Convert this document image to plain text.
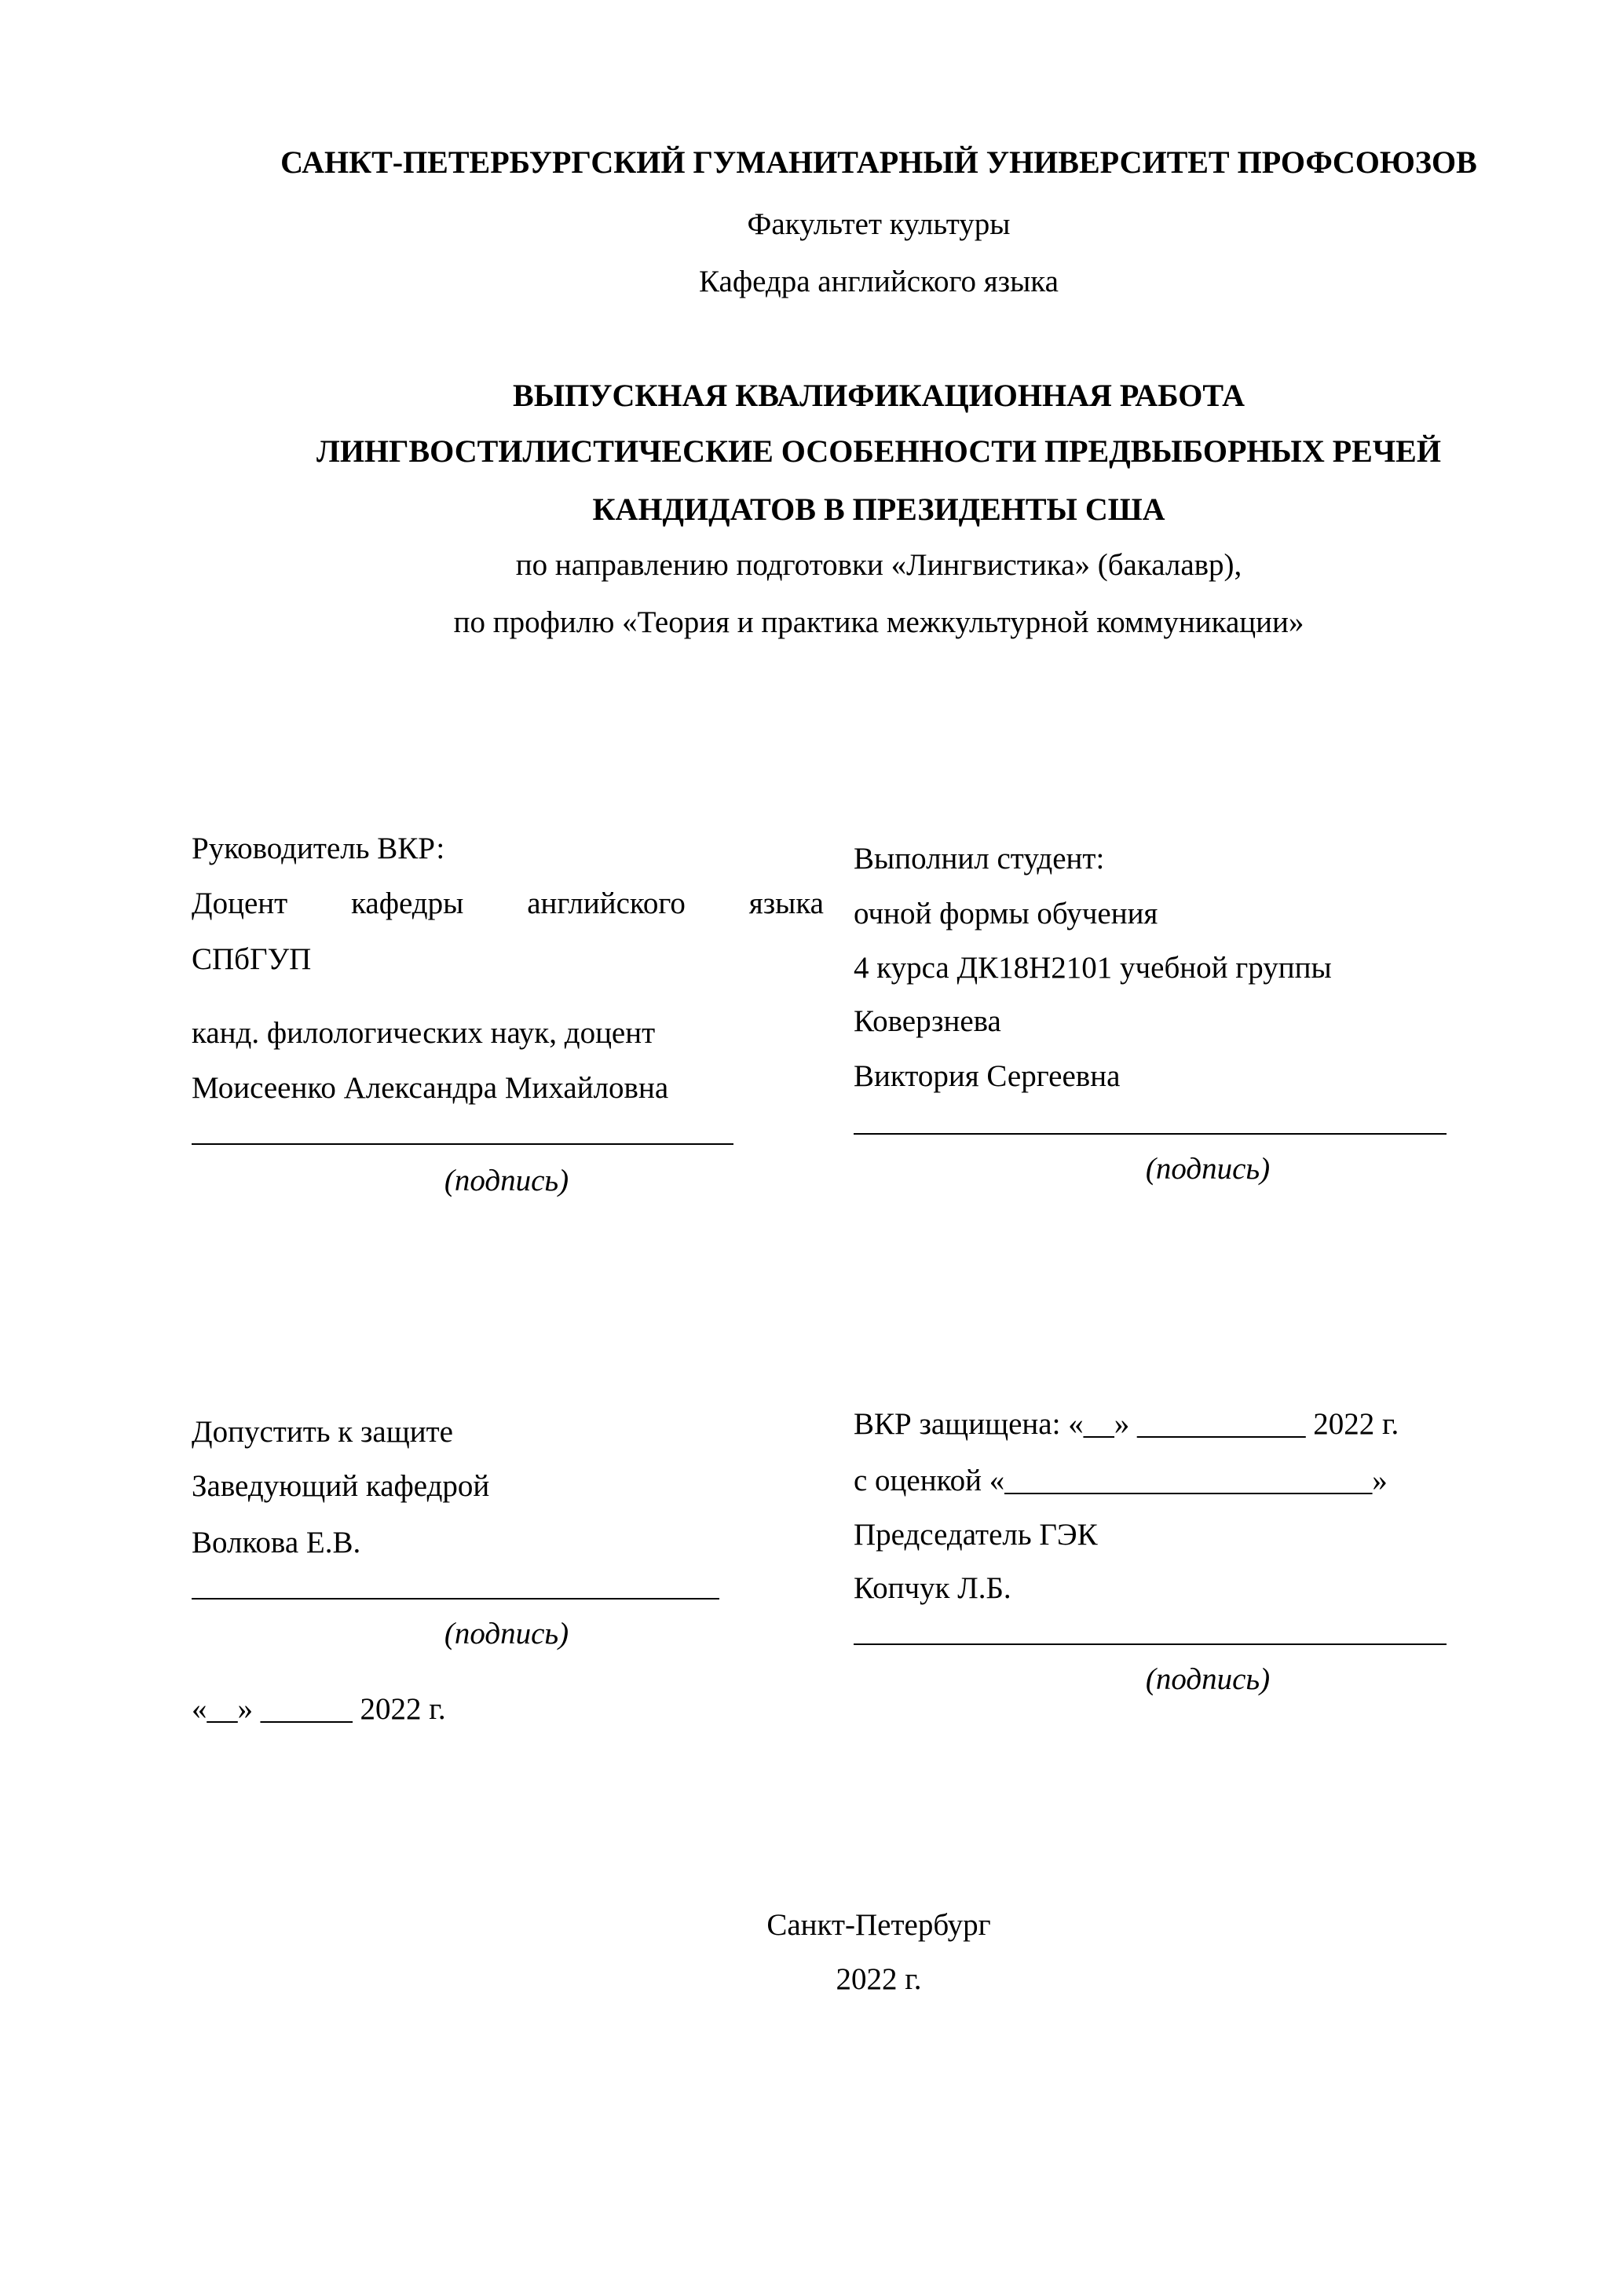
САНКТ-ПЕТЕРБУРГСКИЙ ГУМАНИТАРНЫЙ УНИВЕРСИТЕТ ПРОФСОЮЗОВ
Факультет культуры
Кафедра английского языка
ВЫПУСКНАЯ КВАЛИФИКАЦИОННАЯ РАБОТА
ЛИНГВОСТИЛИСТИЧЕСКИЕ ОСОБЕННОСТИ ПРЕДВЫБОРНЫХ РЕЧЕЙ
КАНДИДАТОВ В ПРЕЗИДЕНТЫ США
по направлению подготовки «Лингвистика» (бакалавр),
по профилю «Теория и практика межкультурной коммуникации»
Руководитель ВКР:
Доцент кафедры английского языка
СПбГУП
канд. филологических наук, доцент
Моисеенко Александра Михайловна
(подпись)
Выполнил студент:
очной формы обучения
4 курса ДК18Н2101 учебной группы
Коверзнева
Виктория Сергеевна
(подпись)
Допустить к защите
Заведующий кафедрой
Волкова Е.В.
(подпись)
«__» ______ 2022 г.
ВКР защищена: «__» ___________ 2022 г.
с оценкой «________________________»
Председатель ГЭК
Копчук Л.Б.
(подпись)
Санкт-Петербург
2022 г.
